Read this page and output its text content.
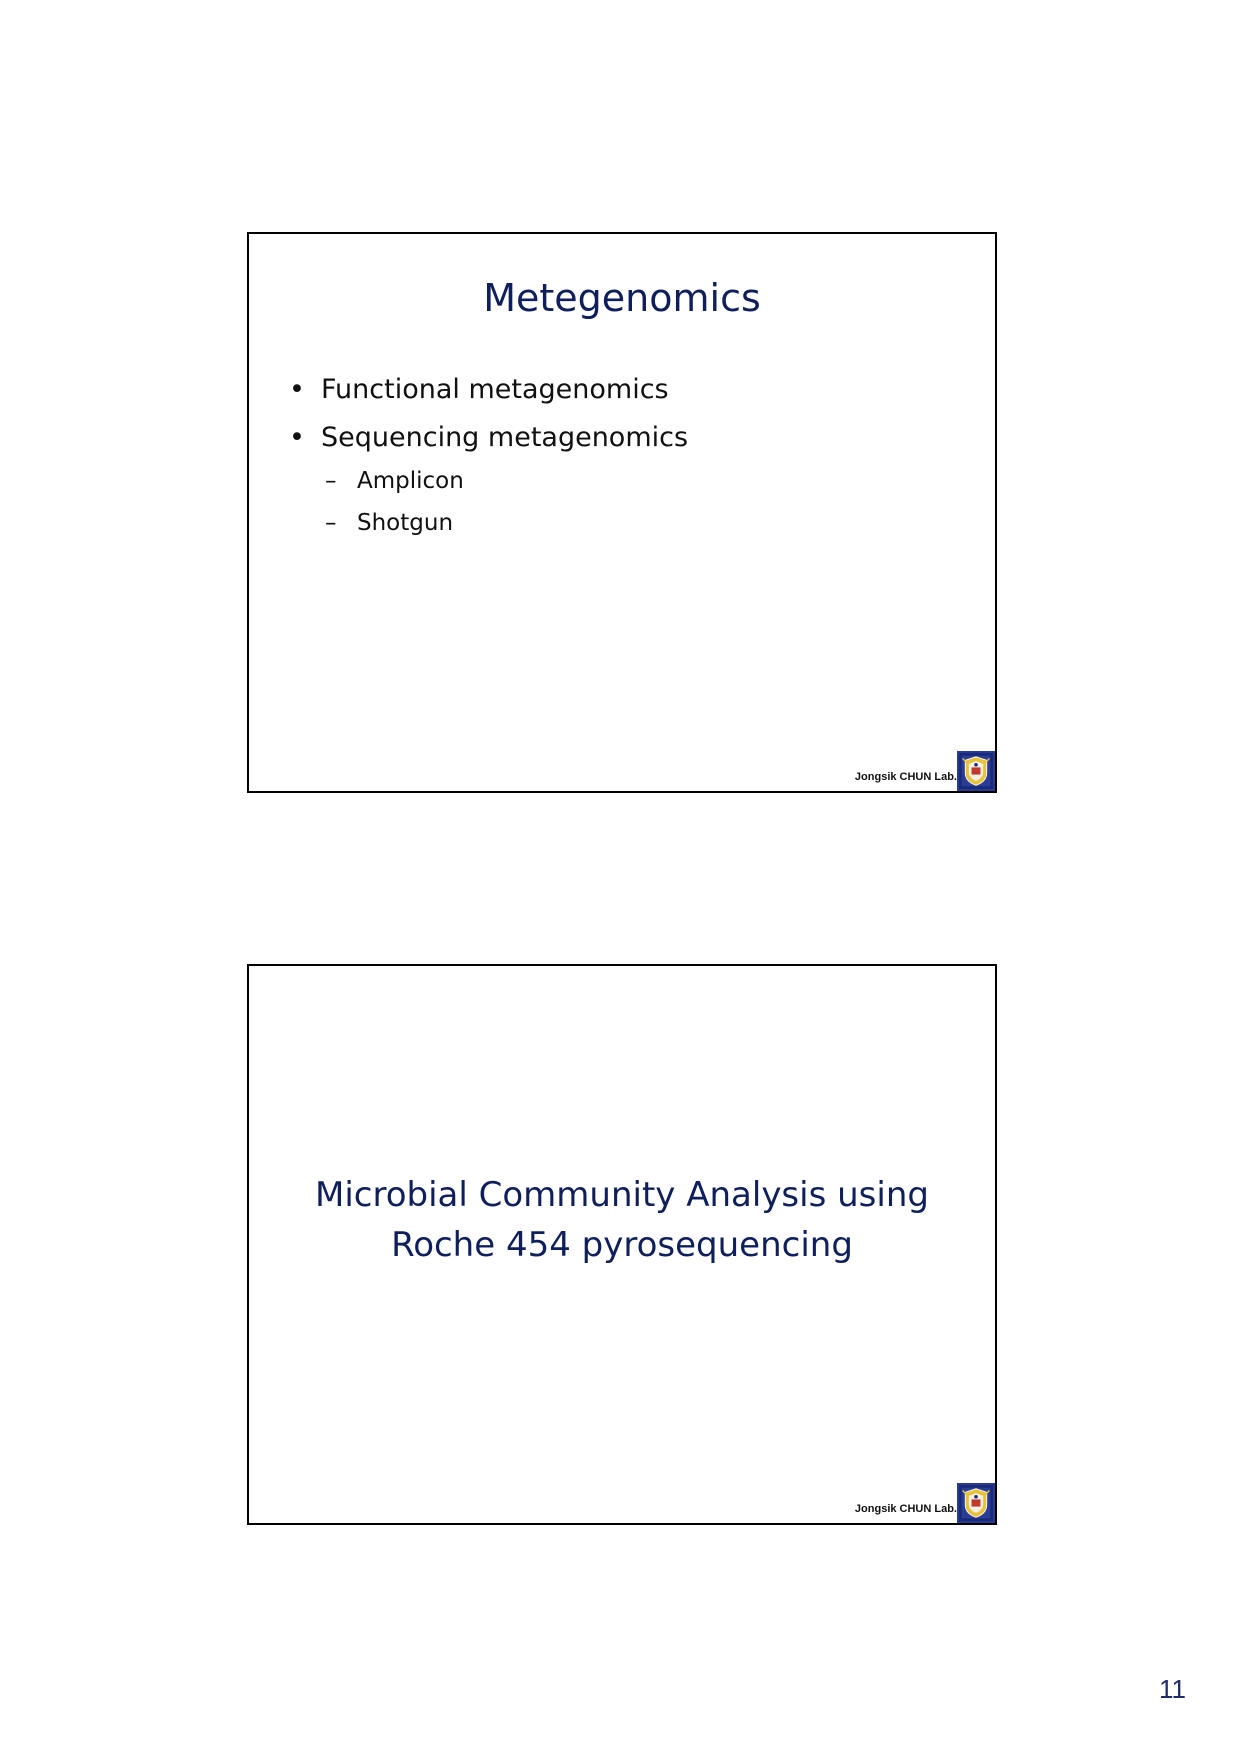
Metegenomics
• Functional metagenomics
• Sequencing metagenomics
– Amplicon
– Shotgun
Jongsik CHUN Lab.
Microbial Community Analysis using
Roche 454 pyrosequencing
Jongsik CHUN Lab.
11
